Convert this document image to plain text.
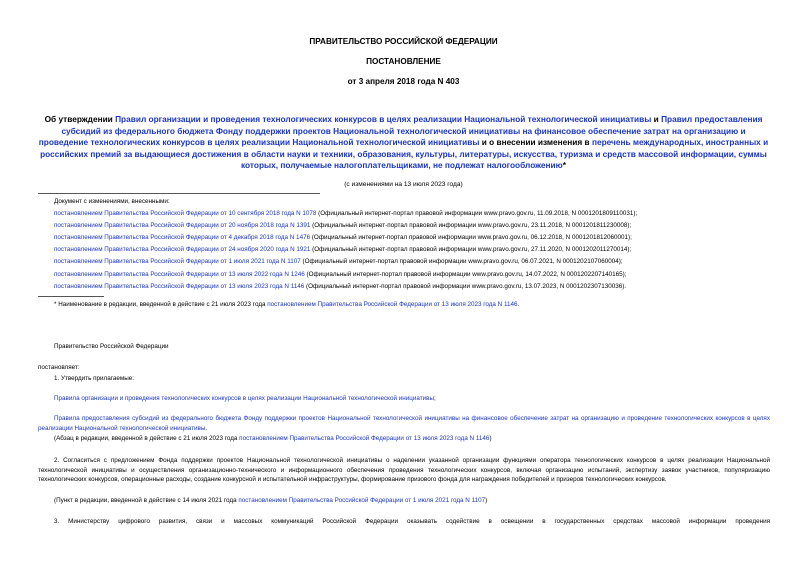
ПРАВИТЕЛЬСТВО РОССИЙСКОЙ ФЕДЕРАЦИИ
ПОСТАНОВЛЕНИЕ
от 3 апреля 2018 года N 403
Об утверждении Правил организации и проведения технологических конкурсов в целях реализации Национальной технологической инициативы и Правил предоставления субсидий из федерального бюджета Фонду поддержки проектов Национальной технологической инициативы на финансовое обеспечение затрат на организацию и проведение технологических конкурсов в целях реализации Национальной технологической инициативы и о внесении изменения в перечень международных, иностранных и российских премий за выдающиеся достижения в области науки и техники, образования, культуры, литературы, искусства, туризма и средств массовой информации, суммы которых, получаемые налогоплательщиками, не подлежат налогообложению*
(с изменениями на 13 июля 2023 года)
Документ с изменениями, внесенными:
постановлением Правительства Российской Федерации от 10 сентября 2018 года N 1078 (Официальный интернет-портал правовой информации www.pravo.gov.ru, 11.09.2018, N 0001201809110031);
постановлением Правительства Российской Федерации от 20 ноября 2018 года N 1391 (Официальный интернет-портал правовой информации www.pravo.gov.ru, 23.11.2018, N 0001201811230008);
постановлением Правительства Российской Федерации от 4 декабря 2018 года N 1476 (Официальный интернет-портал правовой информации www.pravo.gov.ru, 06.12.2018, N 0001201812060001);
постановлением Правительства Российской Федерации от 24 ноября 2020 года N 1921 (Официальный интернет-портал правовой информации www.pravo.gov.ru, 27.11.2020, N 0001202011270014);
постановлением Правительства Российской Федерации от 1 июля 2021 года N 1107 (Официальный интернет-портал правовой информации www.pravo.gov.ru, 06.07.2021, N 0001202107060004);
постановлением Правительства Российской Федерации от 13 июля 2022 года N 1246 (Официальный интернет-портал правовой информации www.pravo.gov.ru, 14.07.2022, N 0001202207140165);
постановлением Правительства Российской Федерации от 13 июля 2023 года N 1146 (Официальный интернет-портал правовой информации www.pravo.gov.ru, 13.07.2023, N 0001202307130036).
* Наименование в редакции, введенной в действие с 21 июля 2023 года постановлением Правительства Российской Федерации от 13 июля 2023 года N 1146.
Правительство Российской Федерации
постановляет:
1. Утвердить прилагаемые:
Правила организации и проведения технологических конкурсов в целях реализации Национальной технологической инициативы;
Правила предоставления субсидий из федерального бюджета Фонду поддержки проектов Национальной технологической инициативы на финансовое обеспечение затрат на организацию и проведение технологических конкурсов в целях реализации Национальной технологической инициативы.
(Абзац в редакции, введенной в действие с 21 июля 2023 года постановлением Правительства Российской Федерации от 13 июля 2023 года N 1146)
2. Согласиться с предложением Фонда поддержки проектов Национальной технологической инициативы о наделении указанной организации функциями оператора технологических конкурсов в целях реализации Национальной технологической инициативы и осуществления организационно-технического и информационного обеспечения проведения технологических конкурсов, включая организацию испытаний, экспертизу заявок участников, популяризацию технологических конкурсов, операционные расходы, создание конкурсной и испытательной инфраструктуры, формирование призового фонда для награждения победителей и призеров технологических конкурсов.
(Пункт в редакции, введенной в действие с 14 июля 2021 года постановлением Правительства Российской Федерации от 1 июля 2021 года N 1107)
3. Министерству цифрового развития, связи и массовых коммуникаций Российской Федерации оказывать содействие в освещении в государственных средствах массовой информации проведения
